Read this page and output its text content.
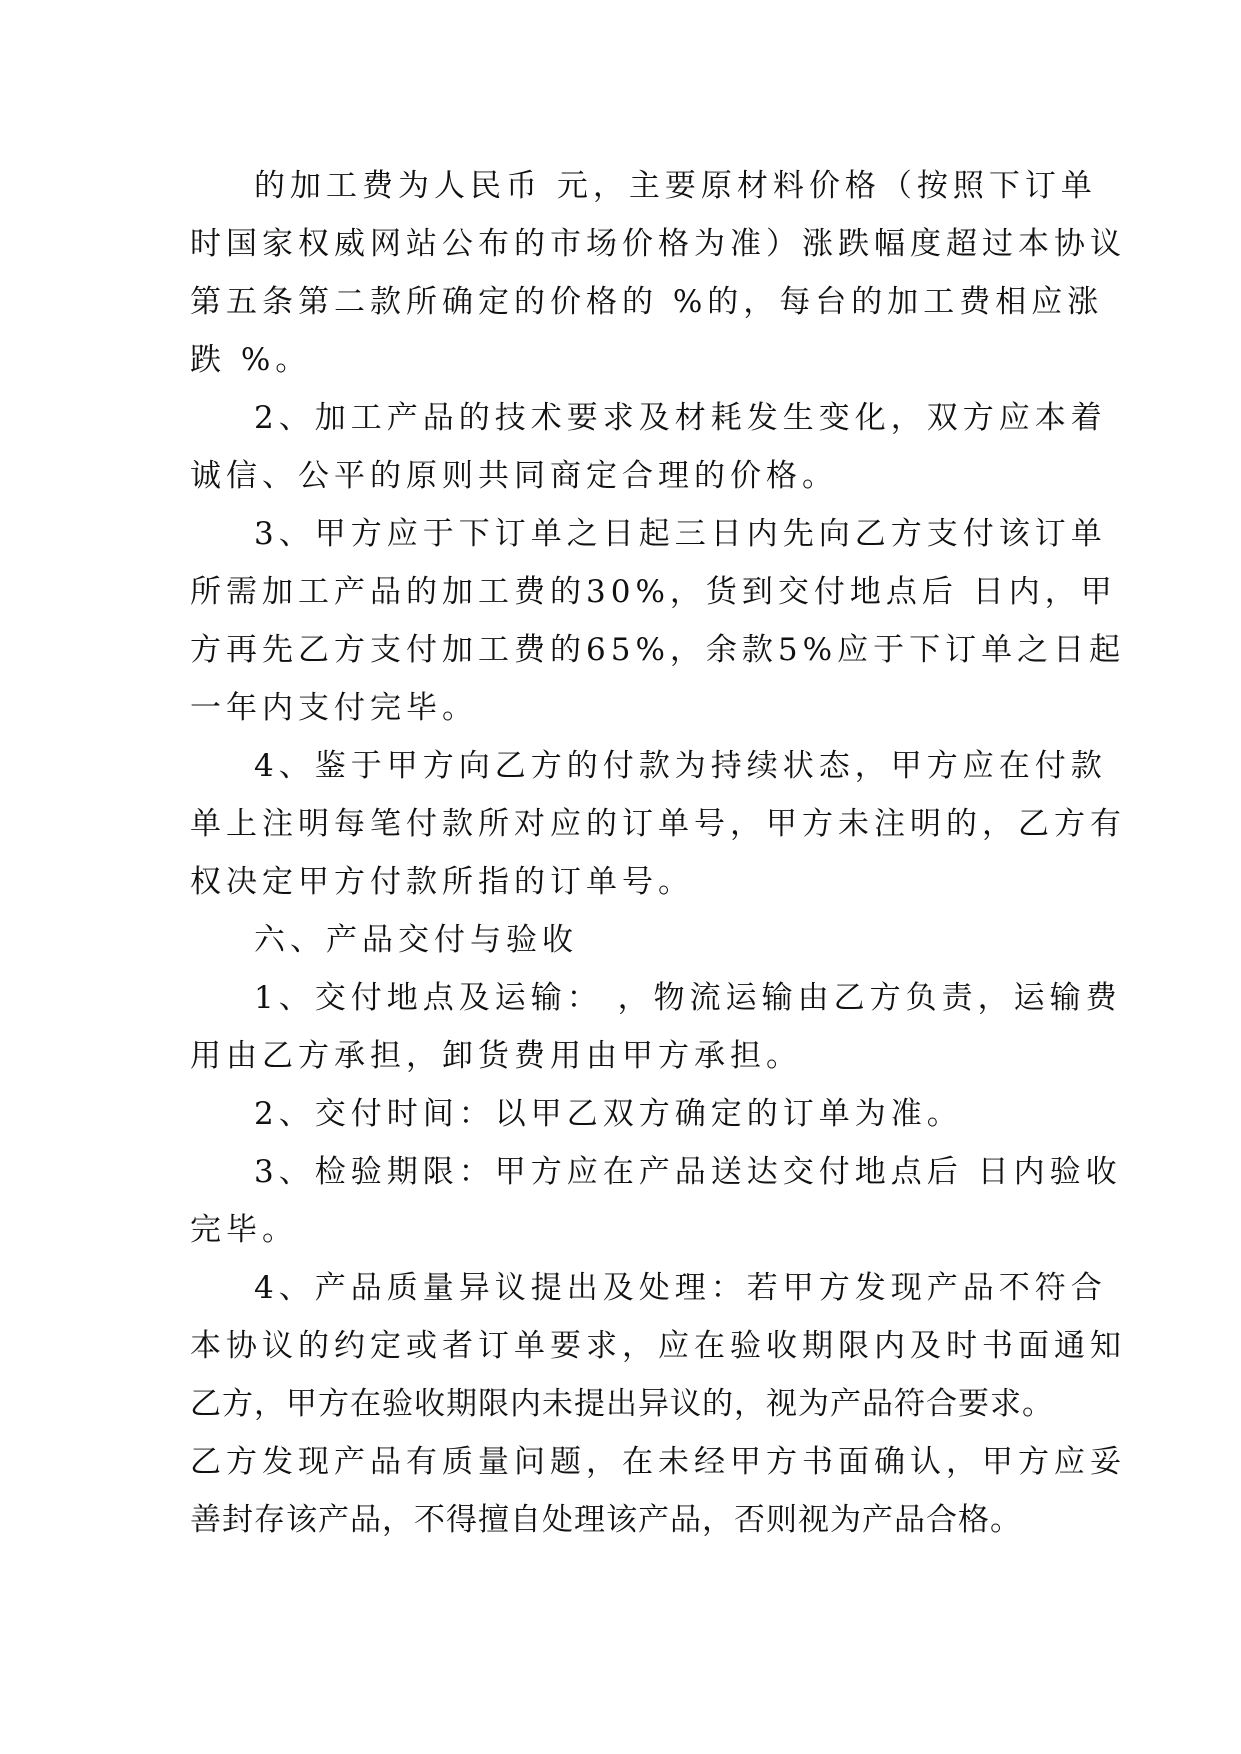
的加工费为人民币 元，主要原材料价格（按照下订单
时国家权威网站公布的市场价格为准）涨跌幅度超过本协议
第五条第二款所确定的价格的 %的，每台的加工费相应涨
跌 %。
2、加工产品的技术要求及材耗发生变化，双方应本着
诚信、公平的原则共同商定合理的价格。
3、甲方应于下订单之日起三日内先向乙方支付该订单
所需加工产品的加工费的30%，货到交付地点后 日内，甲
方再先乙方支付加工费的65%，余款5%应于下订单之日起
一年内支付完毕。
4、鉴于甲方向乙方的付款为持续状态，甲方应在付款
单上注明每笔付款所对应的订单号，甲方未注明的，乙方有
权决定甲方付款所指的订单号。
六、产品交付与验收
1、交付地点及运输： ，物流运输由乙方负责，运输费
用由乙方承担，卸货费用由甲方承担。
2、交付时间：以甲乙双方确定的订单为准。
3、检验期限：甲方应在产品送达交付地点后 日内验收
完毕。
4、产品质量异议提出及处理：若甲方发现产品不符合
本协议的约定或者订单要求，应在验收期限内及时书面通知
乙方，甲方在验收期限内未提出异议的，视为产品符合要求。
乙方发现产品有质量问题，在未经甲方书面确认，甲方应妥
善封存该产品，不得擅自处理该产品，否则视为产品合格。
